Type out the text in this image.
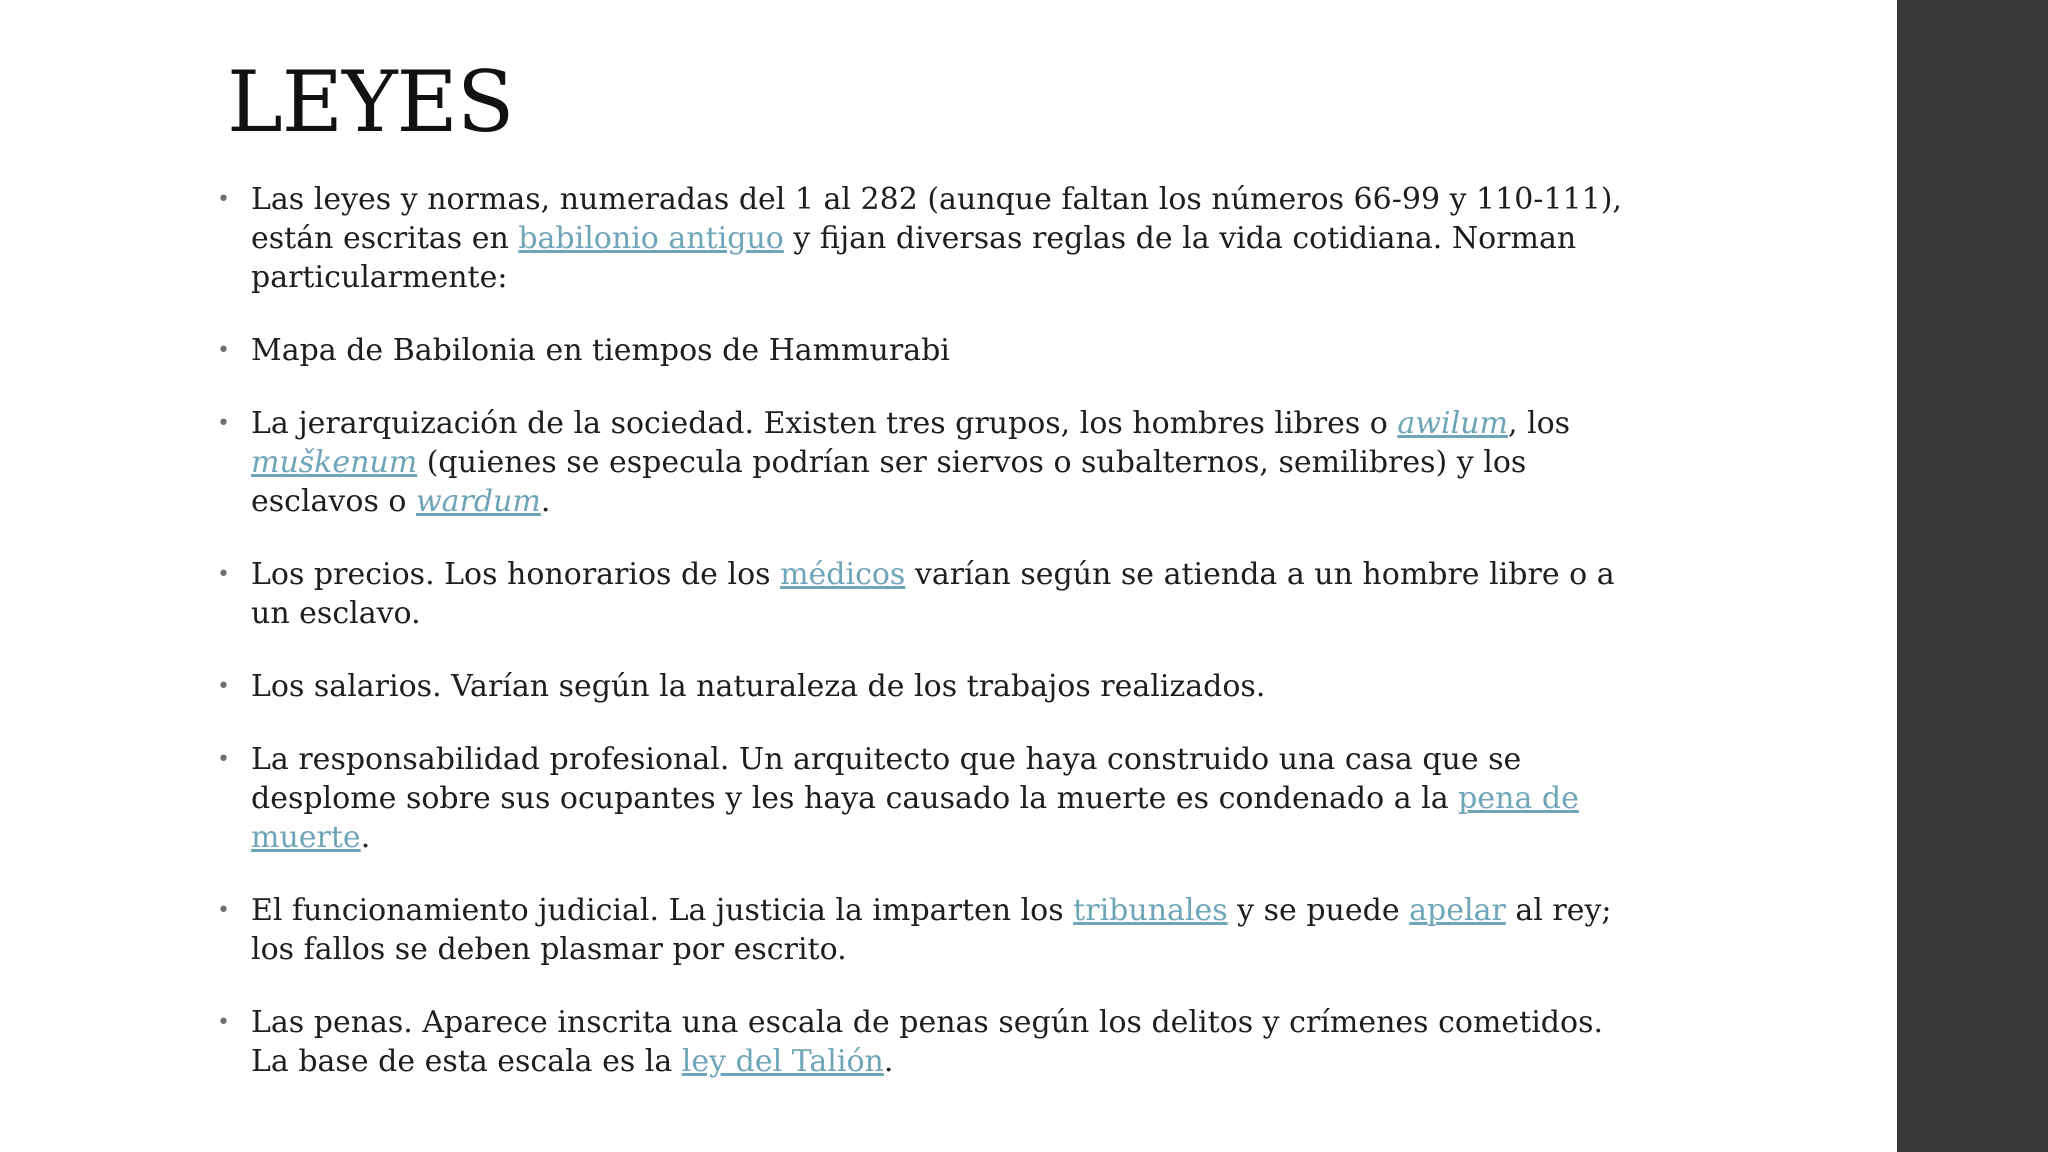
LEYES
• Las leyes y normas, numeradas del 1 al 282 (aunque faltan los números 66-99 y 110-111), están escritas en babilonio antiguo y fijan diversas reglas de la vida cotidiana. Norman particularmente:
• Mapa de Babilonia en tiempos de Hammurabi
• La jerarquización de la sociedad. Existen tres grupos, los hombres libres o awilum, los muškenum (quienes se especula podrían ser siervos o subalternos, semilibres) y los esclavos o wardum.
• Los precios. Los honorarios de los médicos varían según se atienda a un hombre libre o a un esclavo.
• Los salarios. Varían según la naturaleza de los trabajos realizados.
• La responsabilidad profesional. Un arquitecto que haya construido una casa que se desplome sobre sus ocupantes y les haya causado la muerte es condenado a la pena de muerte.
• El funcionamiento judicial. La justicia la imparten los tribunales y se puede apelar al rey; los fallos se deben plasmar por escrito.
• Las penas. Aparece inscrita una escala de penas según los delitos y crímenes cometidos. La base de esta escala es la ley del Talión.
